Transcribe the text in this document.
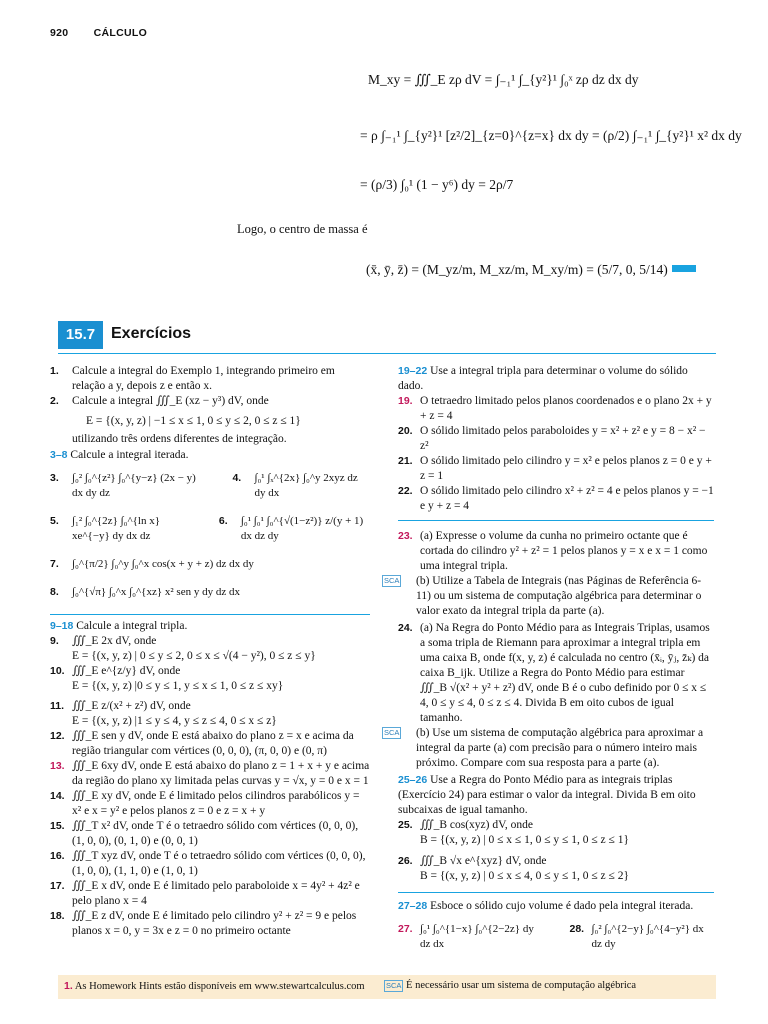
920 CÁLCULO
M_xy = ∭_E zρ dV = ∫₋₁¹ ∫_{y²}¹ ∫₀ˣ zρ dz dx dy
= ρ ∫₋₁¹ ∫_{y²}¹ [z²/2]_{z=0}^{z=x} dx dy = (ρ/2) ∫₋₁¹ ∫_{y²}¹ x² dx dy
= (ρ/3) ∫₀¹ (1 − y⁶) dy = 2ρ/7
Logo, o centro de massa é
(x̄, ȳ, z̄) = (M_yz/m, M_xz/m, M_xy/m) = (5/7, 0, 5/14)
15.7 Exercícios
1. Calcule a integral do Exemplo 1, integrando primeiro em relação a y, depois z e então x.
2. Calcule a integral ∭_E (xz − y³) dV, onde
E = {(x, y, z) | −1 ≤ x ≤ 1, 0 ≤ y ≤ 2, 0 ≤ z ≤ 1}
utilizando três ordens diferentes de integração.
3–8 Calcule a integral iterada.
3. ∫₀² ∫₀^{z²} ∫₀^{y−z} (2x − y) dx dy dz
4. ∫₀¹ ∫ₓ^{2x} ∫₀^y 2xyz dz dy dx
5. ∫₁² ∫₀^{2z} ∫₀^{ln x} xe^{−y} dy dx dz
6. ∫₀¹ ∫₀¹ ∫₀^{√(1−z²)} z/(y + 1) dx dz dy
7. ∫₀^{π/2} ∫₀^y ∫₀^x cos(x + y + z) dz dx dy
8. ∫₀^{√π} ∫₀^x ∫₀^{xz} x² sen y dy dz dx
9–18 Calcule a integral tripla.
9. ∭_E 2x dV, onde
E = {(x, y, z) | 0 ≤ y ≤ 2, 0 ≤ x ≤ √(4 − y²), 0 ≤ z ≤ y}
10. ∭_E e^{z/y} dV, onde
E = {(x, y, z) |0 ≤ y ≤ 1, y ≤ x ≤ 1, 0 ≤ z ≤ xy}
11. ∭_E z/(x² + z²) dV, onde
E = {(x, y, z) |1 ≤ y ≤ 4, y ≤ z ≤ 4, 0 ≤ x ≤ z}
12. ∭_E sen y dV, onde E está abaixo do plano z = x e acima da região triangular com vértices (0, 0, 0), (π, 0, 0) e (0, π)
13. ∭_E 6xy dV, onde E está abaixo do plano z = 1 + x + y e acima da região do plano xy limitada pelas curvas y = √x, y = 0 e x = 1
14. ∭_E xy dV, onde E é limitado pelos cilindros parabólicos y = x² e x = y² e pelos planos z = 0 e z = x + y
15. ∭_T x² dV, onde T é o tetraedro sólido com vértices (0, 0, 0), (1, 0, 0), (0, 1, 0) e (0, 0, 1)
16. ∭_T xyz dV, onde T é o tetraedro sólido com vértices (0, 0, 0), (1, 0, 0), (1, 1, 0) e (1, 0, 1)
17. ∭_E x dV, onde E é limitado pelo paraboloide x = 4y² + 4z² e pelo plano x = 4
18. ∭_E z dV, onde E é limitado pelo cilindro y² + z² = 9 e pelos planos x = 0, y = 3x e z = 0 no primeiro octante
19–22 Use a integral tripla para determinar o volume do sólido dado.
19. O tetraedro limitado pelos planos coordenados e o plano 2x + y + z = 4
20. O sólido limitado pelos paraboloides y = x² + z² e y = 8 − x² − z²
21. O sólido limitado pelo cilindro y = x² e pelos planos z = 0 e y + z = 1
22. O sólido limitado pelo cilindro x² + z² = 4 e pelos planos y = −1 e y + z = 4
23. (a) Expresse o volume da cunha no primeiro octante que é cortada do cilindro y² + z² = 1 pelos planos y = x e x = 1 como uma integral tripla.
SCA (b) Utilize a Tabela de Integrais (nas Páginas de Referência 6-11) ou um sistema de computação algébrica para determinar o valor exato da integral tripla da parte (a).
24. (a) Na Regra do Ponto Médio para as Integrais Triplas, usamos a soma tripla de Riemann para aproximar a integral tripla em uma caixa B, onde f(x, y, z) é calculada no centro (x̄ᵢ, ȳⱼ, z̄ₖ) da caixa B_ijk. Utilize a Regra do Ponto Médio para estimar ∭_B √(x² + y² + z²) dV, onde B é o cubo definido por 0 ≤ x ≤ 4, 0 ≤ y ≤ 4, 0 ≤ z ≤ 4. Divida B em oito cubos de igual tamanho.
SCA (b) Use um sistema de computação algébrica para aproximar a integral da parte (a) com precisão para o número inteiro mais próximo. Compare com sua resposta para a parte (a).
25–26 Use a Regra do Ponto Médio para as integrais triplas (Exercício 24) para estimar o valor da integral. Divida B em oito subcaixas de igual tamanho.
25. ∭_B cos(xyz) dV, onde
B = {(x, y, z) | 0 ≤ x ≤ 1, 0 ≤ y ≤ 1, 0 ≤ z ≤ 1}
26. ∭_B √x e^{xyz} dV, onde
B = {(x, y, z) | 0 ≤ x ≤ 4, 0 ≤ y ≤ 1, 0 ≤ z ≤ 2}
27–28 Esboce o sólido cujo volume é dado pela integral iterada.
27. ∫₀¹ ∫₀^{1−x} ∫₀^{2−2z} dy dz dx
28. ∫₀² ∫₀^{2−y} ∫₀^{4−y²} dx dz dy
1. As Homework Hints estão disponíveis em www.stewartcalculus.com	SCA É necessário usar um sistema de computação algébrica
